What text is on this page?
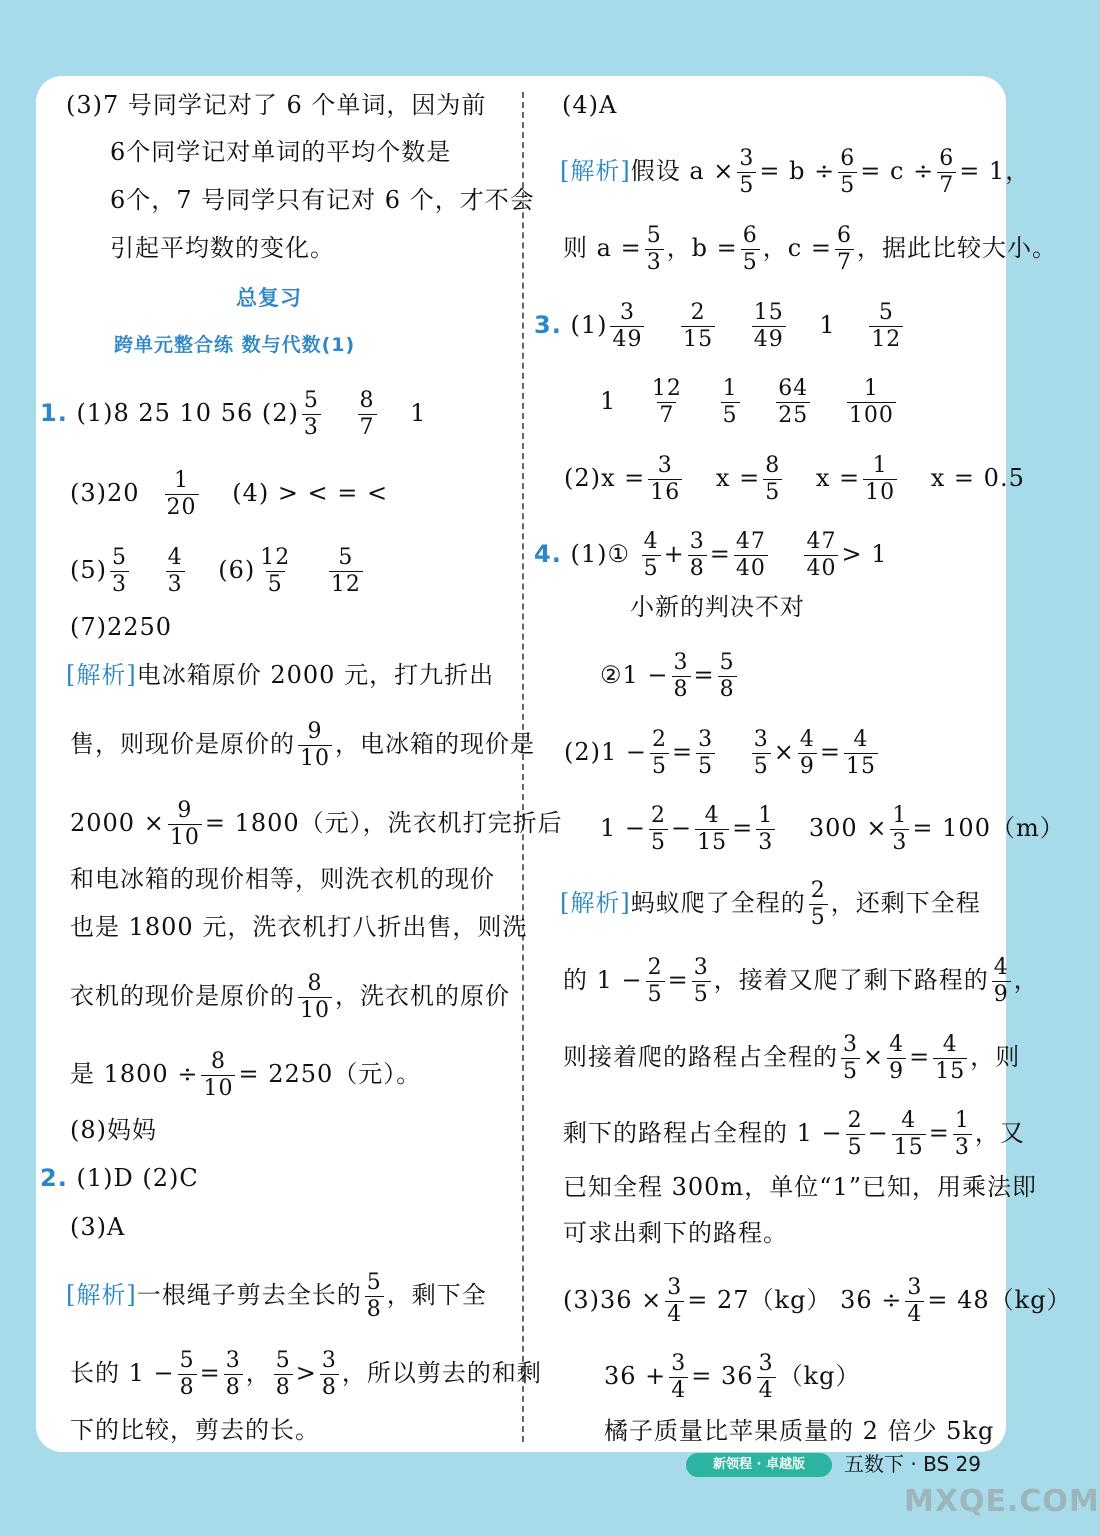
(3)7 号同学记对了 6 个单词，因为前
6个同学记对单词的平均个数是
6个，7 号同学只有记对 6 个，才不会
引起平均数的变化。
总复习
跨单元整合练 数与代数(1)
1. (1)8 25 10 56 $(2) \frac{5}{3}$
$\frac{8}{7} 1$
$(3)20 \frac{1}{20} (4)$ > < = <
$(5) \frac{5}{3}$
$\frac{4}{3} (6) \frac{12}{5}$
$\frac{5}{12}$
(7)2250
[解析]电冰箱原价 2000 元，打九折出
售，则现价是原价的 $\frac{9}{10}$ ，电冰箱的现价是
$2000 \times \frac{9}{10} = 1800$（元），洗衣机打完折后
和电冰箱的现价相等，则洗衣机的现价
也是 1800 元，洗衣机打八折出售，则洗
衣机的现价是原价的 $\frac{8}{10}$ ，洗衣机的原价
是 $1800 \div \frac{8}{10} = 2250$（元）。
(8)妈妈
2. (1)D (2)C
(3)A
[解析]一根绳子剪去全长的 $\frac{5}{8}$ ，剩下全
长的 $1 - \frac{5}{8} = \frac{3}{8}$ ， $\frac{5}{8} > \frac{3}{8}$ ，所以剪去的和剩
下的比较，剪去的长。
(4)A
[解析]假设 $a \times \frac{3}{5} = b \div \frac{6}{5} = c \div \frac{6}{7} = 1$，
则 $a = \frac{5}{3}$ ，$b = \frac{6}{5}$ ，$c = \frac{6}{7}$ ，据此比较大小。
3. $(1) \frac{3}{49}$
$\frac{2}{15}$
$\frac{15}{49} 1 \frac{5}{12}$
$1 \frac{12}{7}$
$\frac{1}{5}$
$\frac{64}{25}$
$\frac{1}{100}$
$(2)x = \frac{3}{16}$ $x = \frac{8}{5}$ $x = \frac{1}{10}$ x = 0.5
4. (1)① $\frac{4}{5} + \frac{3}{8} = \frac{47}{40}$
$\frac{47}{40} > 1$
小新的判决不对
②1 − $\frac{3}{8} = \frac{5}{8}$
$(2)1 - \frac{2}{5} = \frac{3}{5}$
$\frac{3}{5} \times \frac{4}{9} = \frac{4}{15}$
$1 - \frac{2}{5} - \frac{4}{15} = \frac{1}{3} 300 \times \frac{1}{3} = 100(m)$
[解析]蚂蚁爬了全程的 $\frac{2}{5}$ ，还剩下全程
的 $1 - \frac{2}{5} = \frac{3}{5}$ ，接着又爬了剩下路程的 $\frac{4}{9}$ ，
则接着爬的路程占全程的 $\frac{3}{5} \times \frac{4}{9} = \frac{4}{15}$ ，则
剩下的路程占全程的 $1 - \frac{2}{5} - \frac{4}{15} = \frac{1}{3}$ ，又
已知全程 300m，单位“1”已知，用乘法即
可求出剩下的路程。
$(3)36 \times \frac{3}{4} = 27(kg) 36 \div \frac{3}{4} = 48(kg)$
$36 + \frac{3}{4} = 36 \frac{3}{4} (kg)$
橘子质量比苹果质量的 2 倍少 5kg
新领程 · 卓越版	五数下 · BS 29
MXQE.COM
